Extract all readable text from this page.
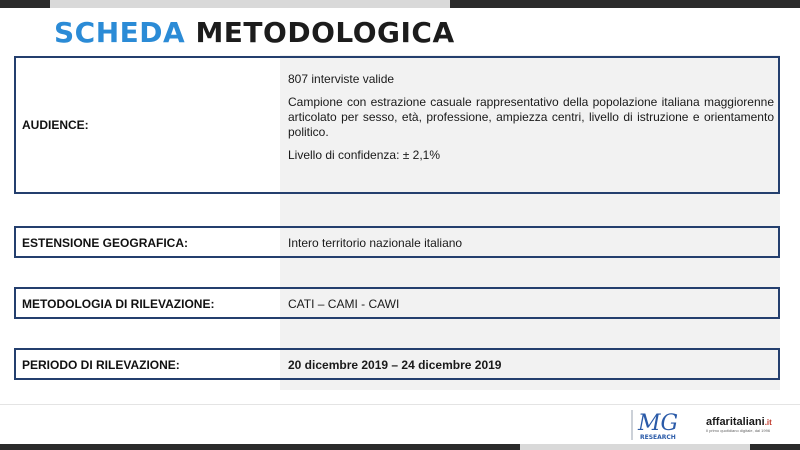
SCHEDA METODOLOGICA
AUDIENCE:

807 interviste valide

Campione con estrazione casuale rappresentativo della popolazione italiana maggiorenne articolato per sesso, età, professione, ampiezza centri, livello di istruzione e orientamento politico.

Livello di confidenza: ± 2,1%

ESTENSIONE GEOGRAFICA:	Intero territorio nazionale italiano
METODOLOGIA DI RILEVAZIONE:	CATI – CAMI - CAWI
PERIODO DI RILEVAZIONE:	20 dicembre 2019 – 24 dicembre 2019
MG
RESEARCH
affaritaliani.it
Il primo quotidiano digitale, dal 1996
